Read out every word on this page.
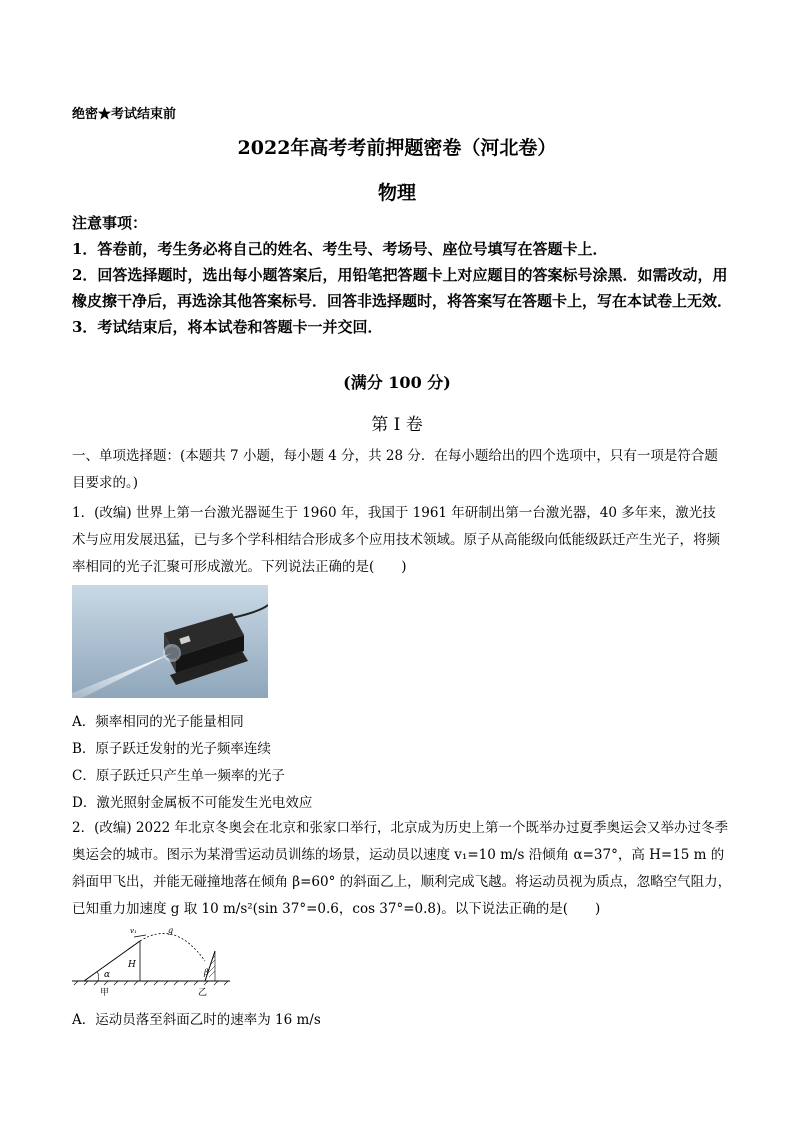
绝密★考试结束前
2022年高考考前押题密卷（河北卷）
物理

注意事项：

1．答卷前，考生务必将自己的姓名、考生号、考场号、座位号填写在答题卡上．

2．回答选择题时，选出每小题答案后，用铅笔把答题卡上对应题目的答案标号涂黑．如需改动，用橡皮擦干净后，再选涂其他答案标号．回答非选择题时，将答案写在答题卡上，写在本试卷上无效．

3．考试结束后，将本试卷和答题卡一并交回．

(满分 100 分)
第 I 卷
一、单项选择题：(本题共 7 小题，每小题 4 分，共 28 分．在每小题给出的四个选项中，只有一项是符合题目要求的。)
1．(改编) 世界上第一台激光器诞生于 1960 年，我国于 1961 年研制出第一台激光器，40 多年来，激光技术与应用发展迅猛，已与多个学科相结合形成多个应用技术领域。原子从高能级向低能级跃迁产生光子，将频率相同的光子汇聚可形成激光。下列说法正确的是(　　)
A．频率相同的光子能量相同
B．原子跃迁发射的光子频率连续
C．原子跃迁只产生单一频率的光子
D．激光照射金属板不可能发生光电效应
2．(改编) 2022 年北京冬奥会在北京和张家口举行，北京成为历史上第一个既举办过夏季奥运会又举办过冬季奥运会的城市。图示为某滑雪运动员训练的场景，运动员以速度 v₁=10 m/s 沿倾角 α=37°，高 H=15 m 的斜面甲飞出，并能无碰撞地落在倾角 β=60° 的斜面乙上，顺利完成飞越。将运动员视为质点，忽略空气阻力，已知重力加速度 g 取 10 m/s²(sin 37°=0.6，cos 37°=0.8)。以下说法正确的是(　　)
α
H
v₁	g
β
甲	乙
A．运动员落至斜面乙时的速率为 16 m/s
